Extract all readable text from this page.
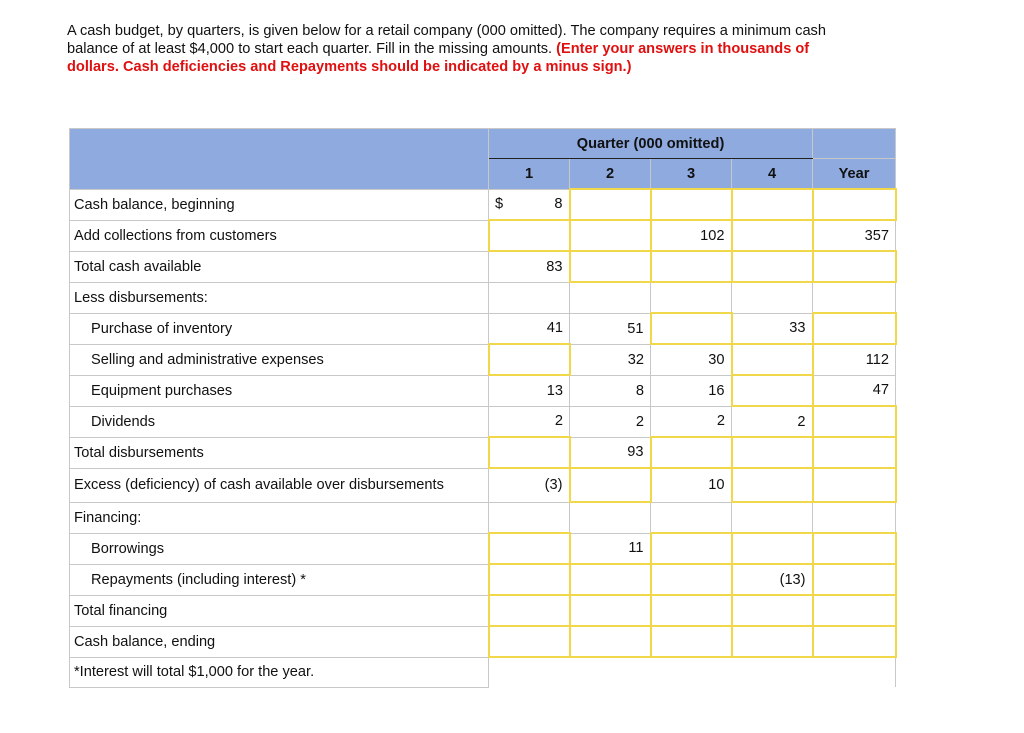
A cash budget, by quarters, is given below for a retail company (000 omitted). The company requires a minimum cash balance of at least $4,000 to start each quarter. Fill in the missing amounts. (Enter your answers in thousands of dollars. Cash deficiencies and Repayments should be indicated by a minus sign.)
	Quarter (000 omitted)				
	1	2	3	4	Year
Cash balance, beginning	$ 8				

Add collections from customers			102		357
Total cash available	83				
Less disbursements:					
Purchase of inventory	41	51		33	
Selling and administrative expenses		32	30		112
Equipment purchases	13	8	16		47
Dividends	2	2	2	2	
Total disbursements		93			
Excess (deficiency) of cash available over disbursements	(3)		10		
Financing:					
Borrowings		11			
Repayments (including interest) *				(13)	
Total financing					
Cash balance, ending					
*Interest will total $1,000 for the year.					
